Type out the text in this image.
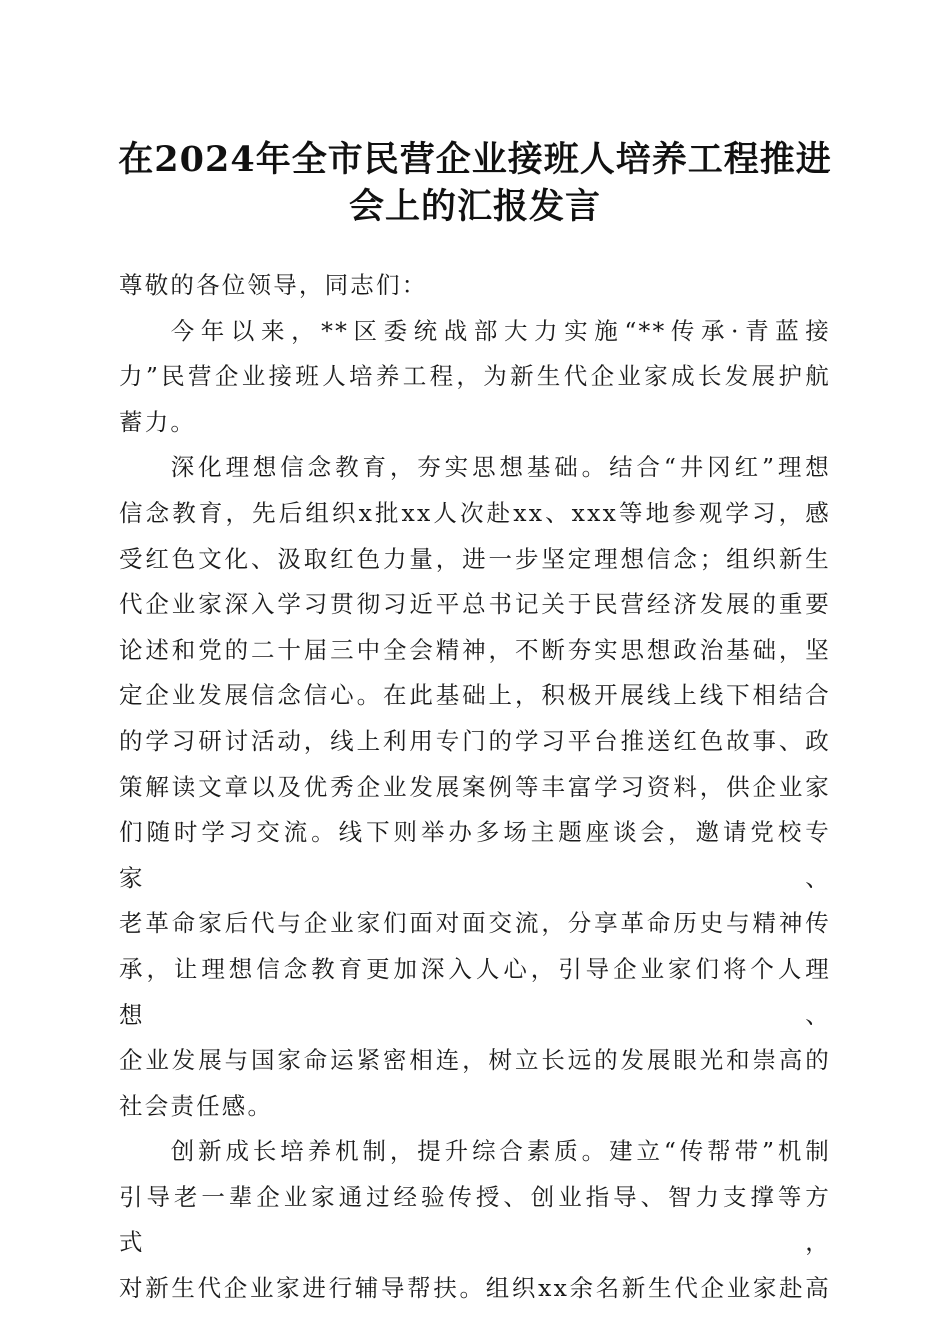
在2024年全市民营企业接班人培养工程推进
会上的汇报发言

尊敬的各位领导，同志们：

今年以来，**区委统战部大力实施“**传承·青蓝接
力”民营企业接班人培养工程，为新生代企业家成长发展护航
蓄力。

深化理想信念教育，夯实思想基础。结合“井冈红”理想
信念教育，先后组织x批xx人次赴xx、xxx等地参观学习，感
受红色文化、汲取红色力量，进一步坚定理想信念；组织新生
代企业家深入学习贯彻习近平总书记关于民营经济发展的重要
论述和党的二十届三中全会精神，不断夯实思想政治基础，坚
定企业发展信念信心。在此基础上，积极开展线上线下相结合
的学习研讨活动，线上利用专门的学习平台推送红色故事、政
策解读文章以及优秀企业发展案例等丰富学习资料，供企业家
们随时学习交流。线下则举办多场主题座谈会，邀请党校专家、
老革命家后代与企业家们面对面交流，分享革命历史与精神传
承，让理想信念教育更加深入人心，引导企业家们将个人理想、
企业发展与国家命运紧密相连，树立长远的发展眼光和崇高的
社会责任感。

创新成长培养机制，提升综合素质。建立“传帮带”机制
引导老一辈企业家通过经验传授、创业指导、智力支撑等方式，
对新生代企业家进行辅导帮扶。组织xx余名新生代企业家赴高
